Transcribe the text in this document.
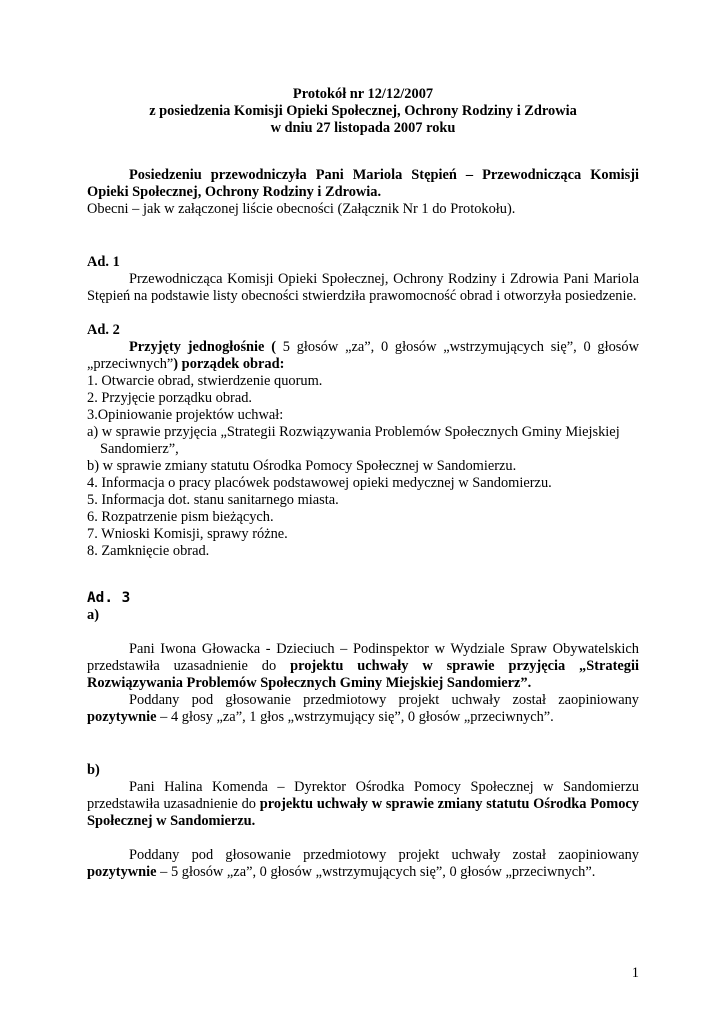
Protokół nr 12/12/2007
z posiedzenia Komisji Opieki Społecznej, Ochrony Rodziny i Zdrowia
w dniu 27 listopada 2007 roku

Posiedzeniu przewodniczyła Pani Mariola Stępień – Przewodnicząca Komisji Opieki Społecznej, Ochrony Rodziny i Zdrowia.

Obecni – jak w załączonej liście obecności (Załącznik Nr 1 do Protokołu).

Ad. 1

Przewodnicząca Komisji Opieki Społecznej, Ochrony Rodziny i Zdrowia Pani Mariola Stępień na podstawie listy obecności stwierdziła prawomocność obrad i otworzyła posiedzenie.

Ad. 2

Przyjęty jednogłośnie ( 5 głosów „za”, 0 głosów „wstrzymujących się”, 0 głosów „przeciwnych”) porządek obrad:

1. Otwarcie obrad, stwierdzenie quorum.
2. Przyjęcie porządku obrad.
3.Opiniowanie projektów uchwał:
a) w sprawie przyjęcia „Strategii Rozwiązywania Problemów Społecznych Gminy Miejskiej Sandomierz”,
b) w sprawie zmiany statutu Ośrodka Pomocy Społecznej w Sandomierzu.
4. Informacja o pracy placówek podstawowej opieki medycznej w Sandomierzu.
5. Informacja dot. stanu sanitarnego miasta.
6. Rozpatrzenie pism bieżących.
7. Wnioski Komisji, sprawy różne.
8. Zamknięcie obrad.
Ad. 3
a)

Pani Iwona Głowacka - Dzieciuch – Podinspektor w Wydziale Spraw Obywatelskich przedstawiła uzasadnienie do projektu uchwały w sprawie przyjęcia „Strategii Rozwiązywania Problemów Społecznych Gminy Miejskiej Sandomierz”.

Poddany pod głosowanie przedmiotowy projekt uchwały został zaopiniowany pozytywnie – 4 głosy „za”, 1 głos „wstrzymujący się”, 0 głosów „przeciwnych”.

b)

Pani Halina Komenda – Dyrektor Ośrodka Pomocy Społecznej w Sandomierzu przedstawiła uzasadnienie do projektu uchwały w sprawie zmiany statutu Ośrodka Pomocy Społecznej w Sandomierzu.

Poddany pod głosowanie przedmiotowy projekt uchwały został zaopiniowany pozytywnie – 5 głosów „za”, 0 głosów „wstrzymujących się”, 0 głosów „przeciwnych”.

1
